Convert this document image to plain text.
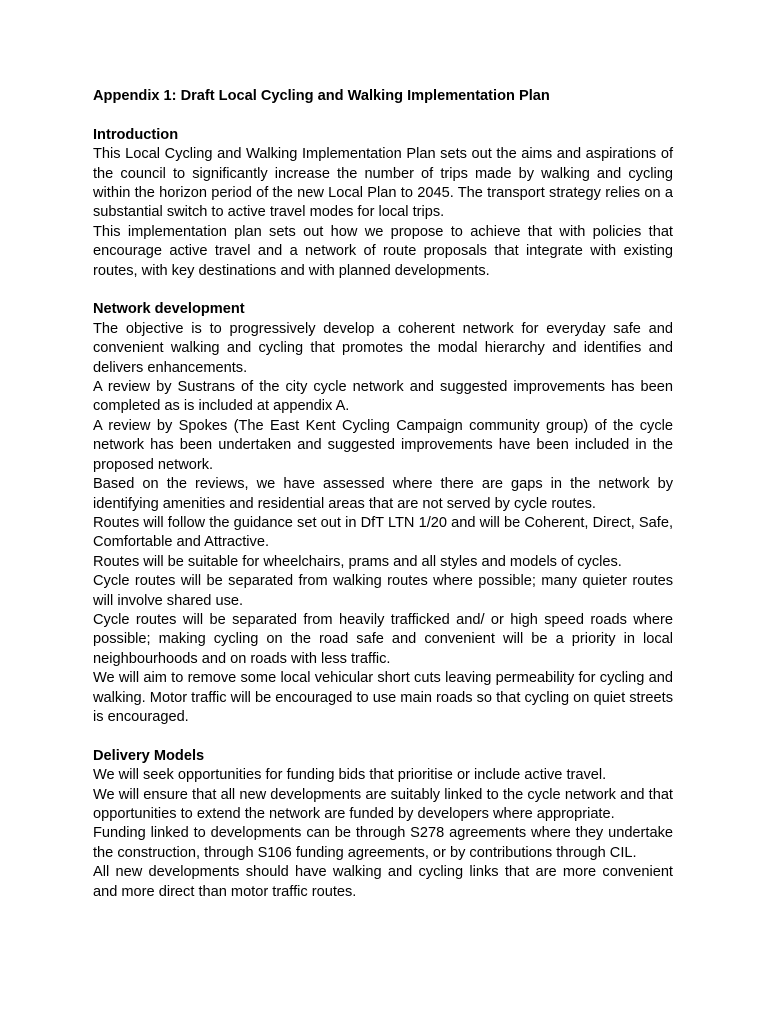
Appendix 1: Draft Local Cycling and Walking Implementation Plan
Introduction

This Local Cycling and Walking Implementation Plan sets out the aims and aspirations of the council to significantly increase the number of trips made by walking and cycling within the horizon period of the new Local Plan to 2045. The transport strategy relies on a substantial switch to active travel modes for local trips.

This implementation plan sets out how we propose to achieve that with policies that encourage active travel and a network of route proposals that integrate with existing routes, with key destinations and with planned developments.

Network development

The objective is to progressively develop a coherent network for everyday safe and convenient walking and cycling that promotes the modal hierarchy and identifies and delivers enhancements.

A review by Sustrans of the city cycle network and suggested improvements has been completed as is included at appendix A.

A review by Spokes (The East Kent Cycling Campaign community group) of the cycle network has been undertaken and suggested improvements have been included in the proposed network.

Based on the reviews, we have assessed where there are gaps in the network by identifying amenities and residential areas that are not served by cycle routes.

Routes will follow the guidance set out in DfT LTN 1/20 and will be Coherent, Direct, Safe, Comfortable and Attractive.

Routes will be suitable for wheelchairs, prams and all styles and models of cycles.

Cycle routes will be separated from walking routes where possible; many quieter routes will involve shared use.

Cycle routes will be separated from heavily trafficked and/ or high speed roads where possible; making cycling on the road safe and convenient will be a priority in local neighbourhoods and on roads with less traffic.

We will aim to remove some local vehicular short cuts leaving permeability for cycling and walking. Motor traffic will be encouraged to use main roads so that cycling on quiet streets is encouraged.

Delivery Models

We will seek opportunities for funding bids that prioritise or include active travel.

We will ensure that all new developments are suitably linked to the cycle network and that opportunities to extend the network are funded by developers where appropriate.

Funding linked to developments can be through S278 agreements where they undertake the construction, through S106 funding agreements, or by contributions through CIL.

All new developments should have walking and cycling links that are more convenient and more direct than motor traffic routes.
